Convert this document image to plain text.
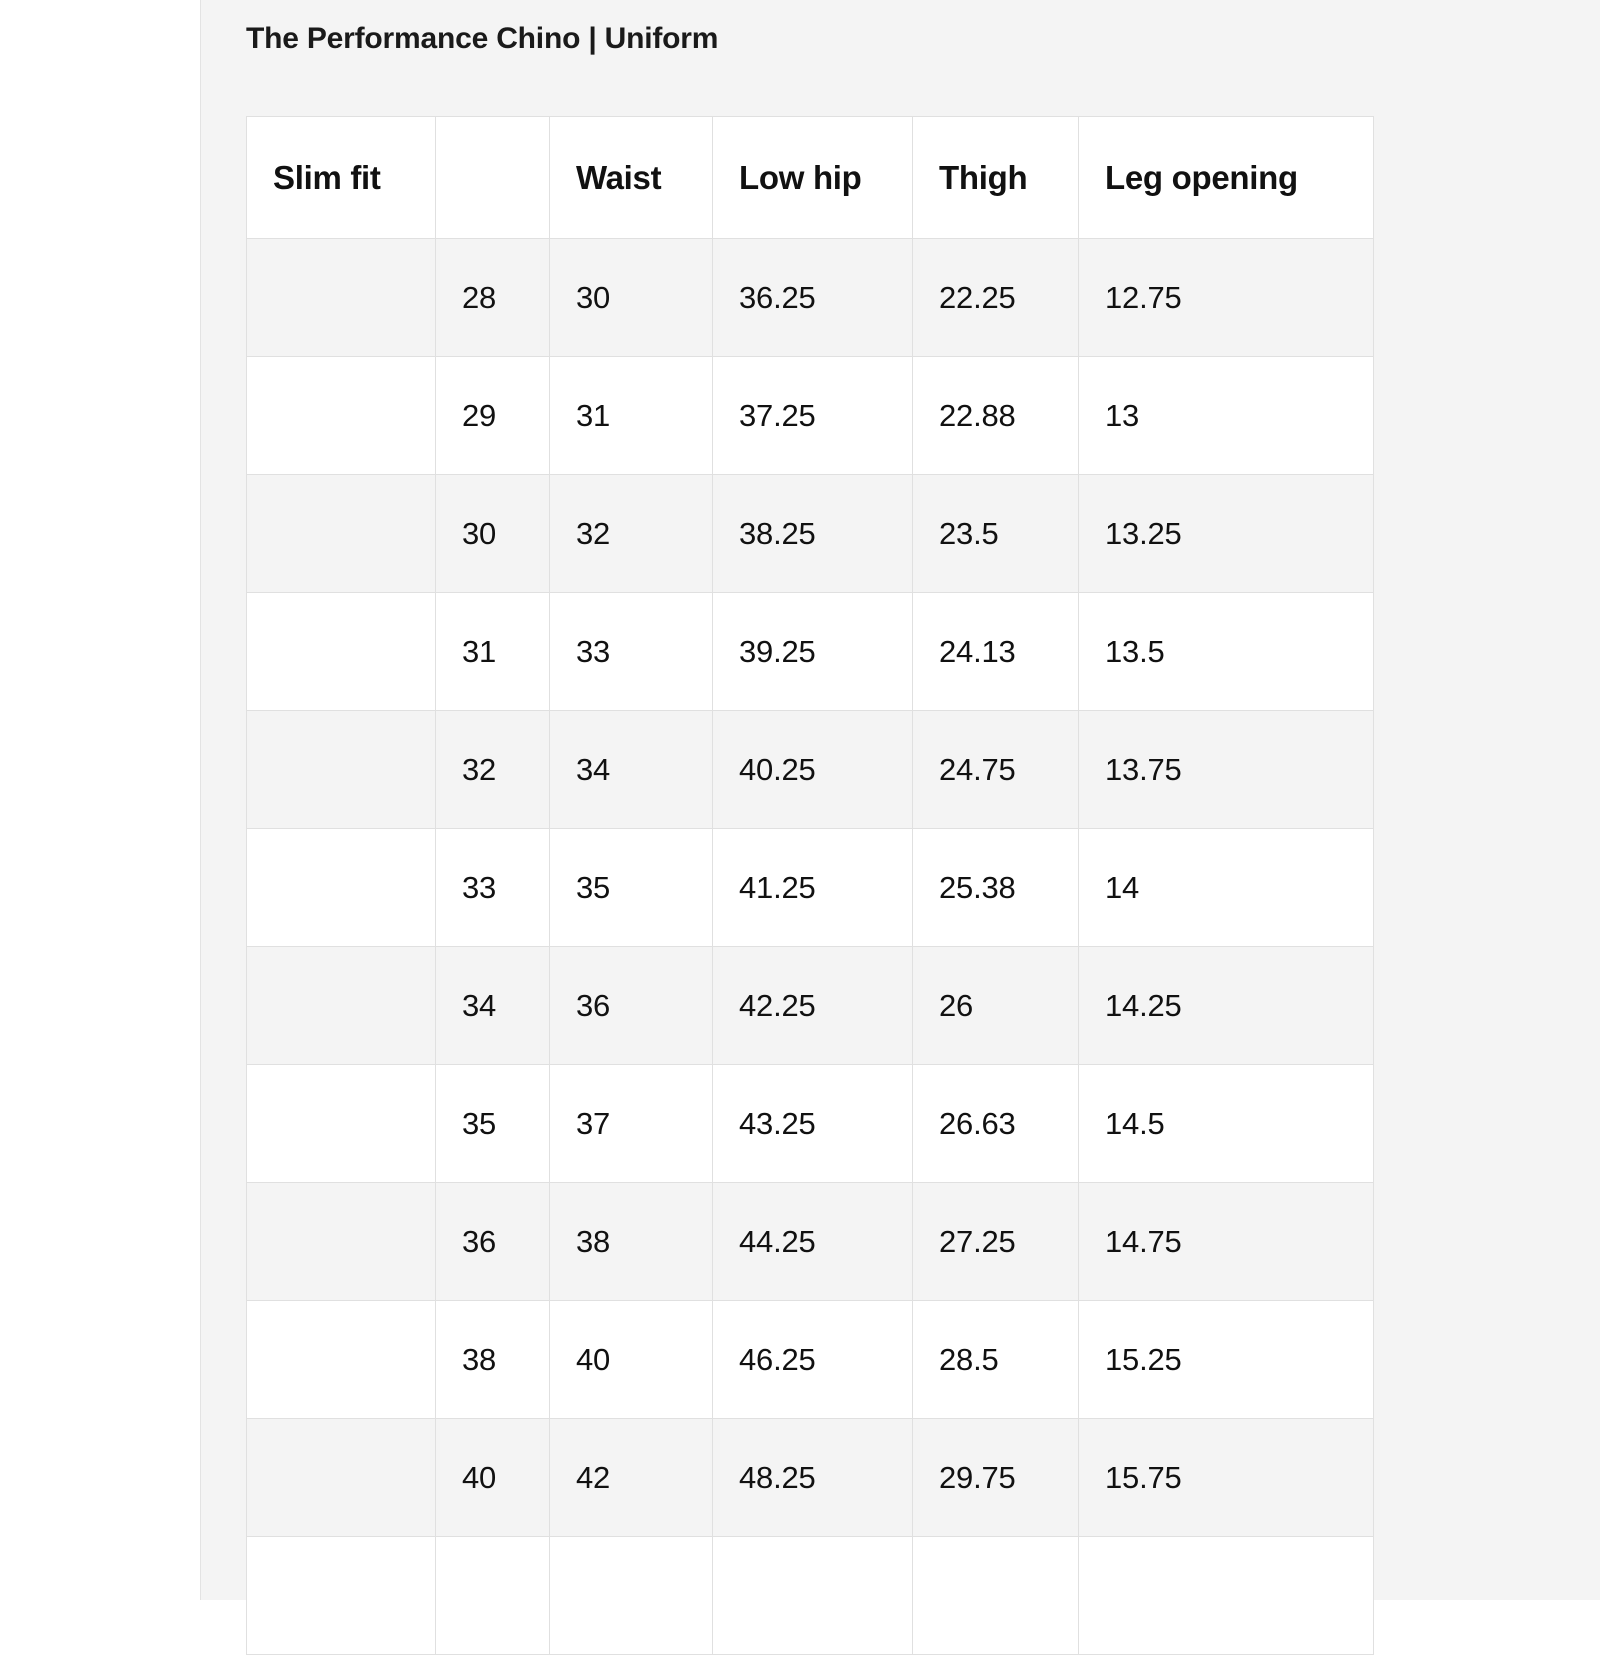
The Performance Chino | Uniform
Slim fit		Waist	Low hip	Thigh	Leg opening
	28	30	36.25	22.25	12.75
	29	31	37.25	22.88	13
	30	32	38.25	23.5	13.25
	31	33	39.25	24.13	13.5
	32	34	40.25	24.75	13.75
	33	35	41.25	25.38	14
	34	36	42.25	26	14.25
	35	37	43.25	26.63	14.5
	36	38	44.25	27.25	14.75
	38	40	46.25	28.5	15.25
	40	42	48.25	29.75	15.75
